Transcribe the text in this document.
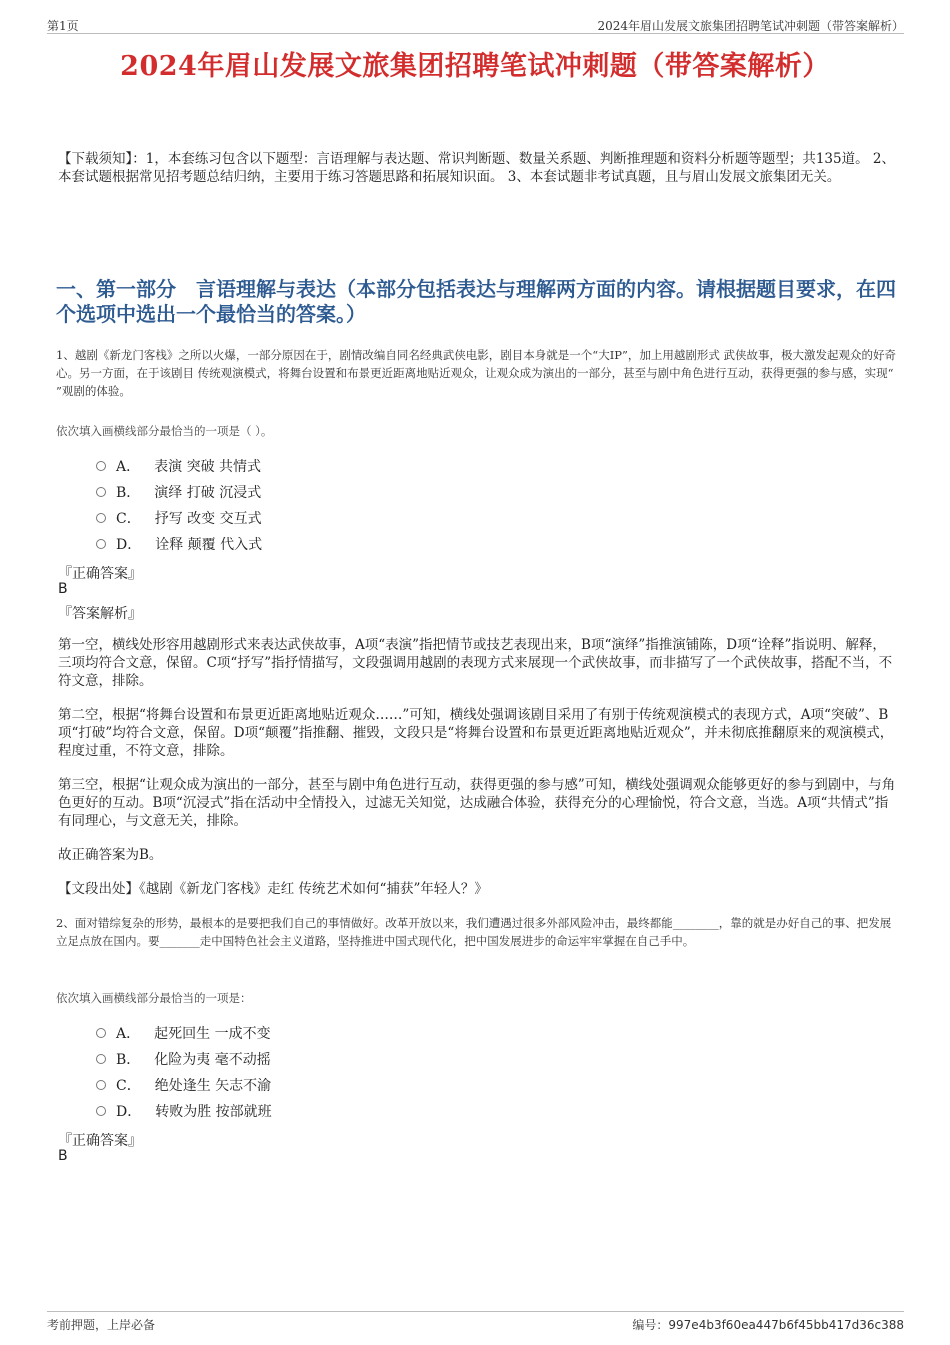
第1页	2024年眉山发展文旅集团招聘笔试冲刺题（带答案解析）
2024年眉山发展文旅集团招聘笔试冲刺题（带答案解析）

【下载须知】：1，本套练习包含以下题型：言语理解与表达题、常识判断题、数量关系题、判断推理题和资料分析题等题型；共135道。 2、本套试题根据常见招考题总结归纳，主要用于练习答题思路和拓展知识面。 3、本套试题非考试真题，且与眉山发展文旅集团无关。

一、第一部分　言语理解与表达（本部分包括表达与理解两方面的内容。请根据题目要求，在四个选项中选出一个最恰当的答案。）

1、越剧《新龙门客栈》之所以火爆，一部分原因在于，剧情改编自同名经典武侠电影，剧目本身就是一个“大IP”，加上用越剧形式 武侠故事，极大激发起观众的好奇心。另一方面，在于该剧目 传统观演模式，将舞台设置和布景更近距离地贴近观众，让观众成为演出的一部分，甚至与剧中角色进行互动，获得更强的参与感，实现“ ”观剧的体验。

依次填入画横线部分最恰当的一项是（ ）。

A． 表演 突破 共情式
B． 演绎 打破 沉浸式
C． 抒写 改变 交互式
D． 诠释 颠覆 代入式
『正确答案』
B
『答案解析』

第一空，横线处形容用越剧形式来表达武侠故事，A项“表演”指把情节或技艺表现出来，B项“演绎”指推演铺陈，D项“诠释”指说明、解释，三项均符合文意，保留。C项“抒写”指抒情描写，文段强调用越剧的表现方式来展现一个武侠故事，而非描写了一个武侠故事，搭配不当，不符文意，排除。

第二空，根据“将舞台设置和布景更近距离地贴近观众……”可知，横线处强调该剧目采用了有别于传统观演模式的表现方式，A项“突破”、B项“打破”均符合文意，保留。D项“颠覆”指推翻、摧毁，文段只是“将舞台设置和布景更近距离地贴近观众”，并未彻底推翻原来的观演模式，程度过重，不符文意，排除。

第三空，根据“让观众成为演出的一部分，甚至与剧中角色进行互动，获得更强的参与感”可知，横线处强调观众能够更好的参与到剧中，与角色更好的互动。B项“沉浸式”指在活动中全情投入，过滤无关知觉，达成融合体验，获得充分的心理愉悦，符合文意，当选。A项“共情式”指有同理心，与文意无关，排除。

故正确答案为B。

【文段出处】《越剧《新龙门客栈》走红 传统艺术如何“捕获”年轻人？》

2、面对错综复杂的形势，最根本的是要把我们自己的事情做好。改革开放以来，我们遭遇过很多外部风险冲击，最终都能________，靠的就是办好自己的事、把发展立足点放在国内。要_______走中国特色社会主义道路，坚持推进中国式现代化，把中国发展进步的命运牢牢掌握在自己手中。

依次填入画横线部分最恰当的一项是：

A． 起死回生 一成不变
B． 化险为夷 毫不动摇
C． 绝处逢生 矢志不渝
D． 转败为胜 按部就班
『正确答案』
B
考前押题，上岸必备	编号：997e4b3f60ea447b6f45bb417d36c388
